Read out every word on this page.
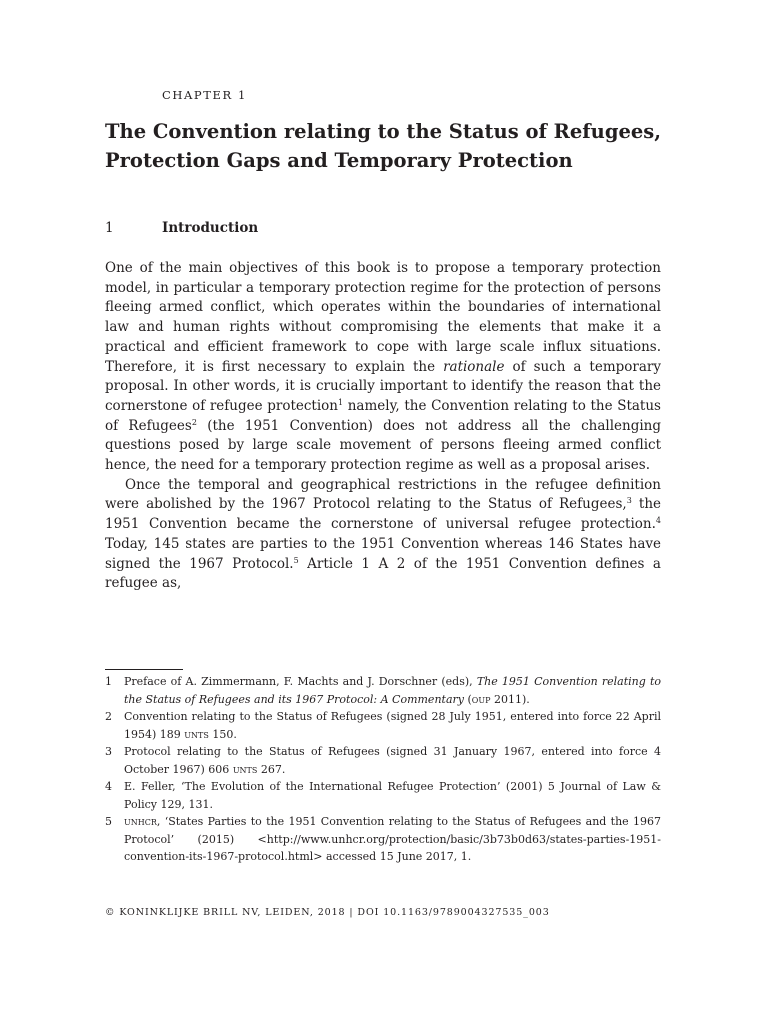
CHAPTER 1

The Convention relating to the Status of Refugees,
Protection Gaps and Temporary Protection
1	Introduction

One of the main objectives of this book is to propose a temporary protection model, in particular a temporary protection regime for the protection of persons fleeing armed conflict, which operates within the boundaries of international law and human rights without compromising the elements that make it a practical and efficient framework to cope with large scale influx situations. Therefore, it is first necessary to explain the rationale of such a temporary proposal. In other words, it is crucially important to identify the reason that the cornerstone of refugee protection$^1$ namely, the Convention relating to the Status of Refugees$^2$ (the 1951 Convention) does not address all the challenging questions posed by large scale movement of persons fleeing armed conflict hence, the need for a temporary protection regime as well as a proposal arises.

Once the temporal and geographical restrictions in the refugee definition were abolished by the 1967 Protocol relating to the Status of Refugees,$^3$ the 1951 Convention became the cornerstone of universal refugee protection.$^4$ Today, 145 states are parties to the 1951 Convention whereas 146 States have signed the 1967 Protocol.$^5$ Article 1 A 2 of the 1951 Convention defines a refugee as,

1	Preface of A. Zimmermann, F. Machts and J. Dorschner (eds), The 1951 Convention relating to the Status of Refugees and its 1967 Protocol: A Commentary (oup 2011).
2	Convention relating to the Status of Refugees (signed 28 July 1951, entered into force 22 April 1954) 189 unts 150.
3	Protocol relating to the Status of Refugees (signed 31 January 1967, entered into force 4 October 1967) 606 unts 267.
4	E. Feller, ‘The Evolution of the International Refugee Protection’ (2001) 5 Journal of Law & Policy 129, 131.
5	unhcr, ‘States Parties to the 1951 Convention relating to the Status of Refugees and the 1967 Protocol’ (2015) <http://www.unhcr.org/protection/basic/3b73b0d63/states-parties-1951-convention-its-1967-protocol.html> accessed 15 June 2017, 1.

© KONINKLIJKE BRILL NV, LEIDEN, 2018 | DOI 10.1163/9789004327535_003
